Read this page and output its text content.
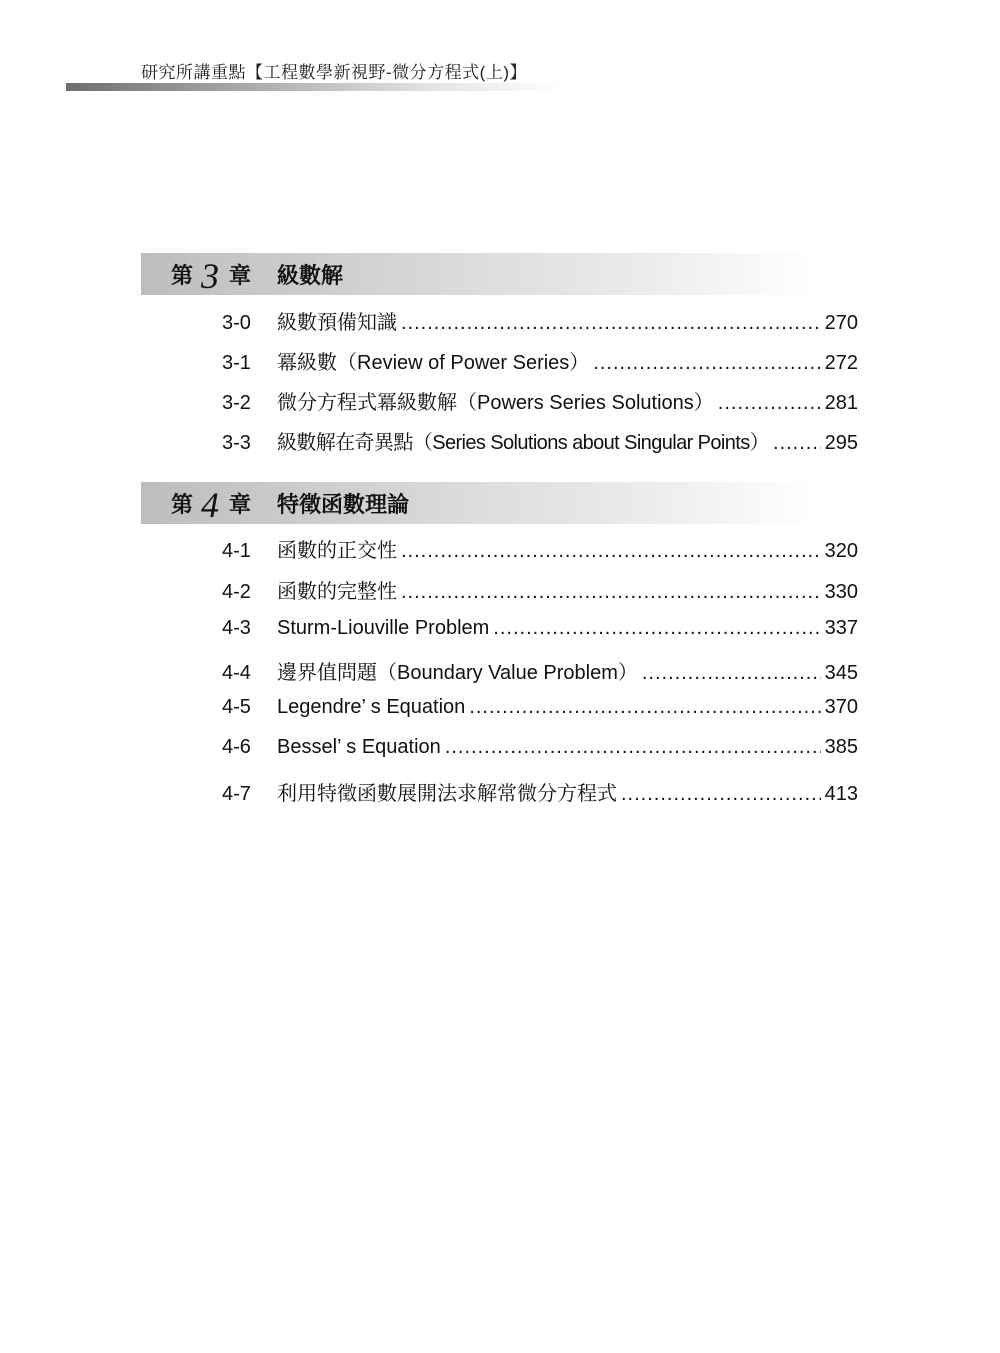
研究所講重點【工程數學新視野-微分方程式(上)】
第 3 章 級數解
3-0	級數預備知識 .....	270
3-1	冪級數（Review of Power Series） .....	272
3-2	微分方程式冪級數解（Powers Series Solutions） .....	281
3-3	級數解在奇異點（Series Solutions about Singular Points） .....	295
第 4 章 特徵函數理論
4-1	函數的正交性 .....	320
4-2	函數的完整性 .....	330
4-3	Sturm-Liouville Problem .....	337
4-4	邊界值問題（Boundary Value Problem） .....	345
4-5	Legendre’ s Equation .....	370
4-6	Bessel’ s Equation .....	385
4-7	利用特徵函數展開法求解常微分方程式 .....	413
